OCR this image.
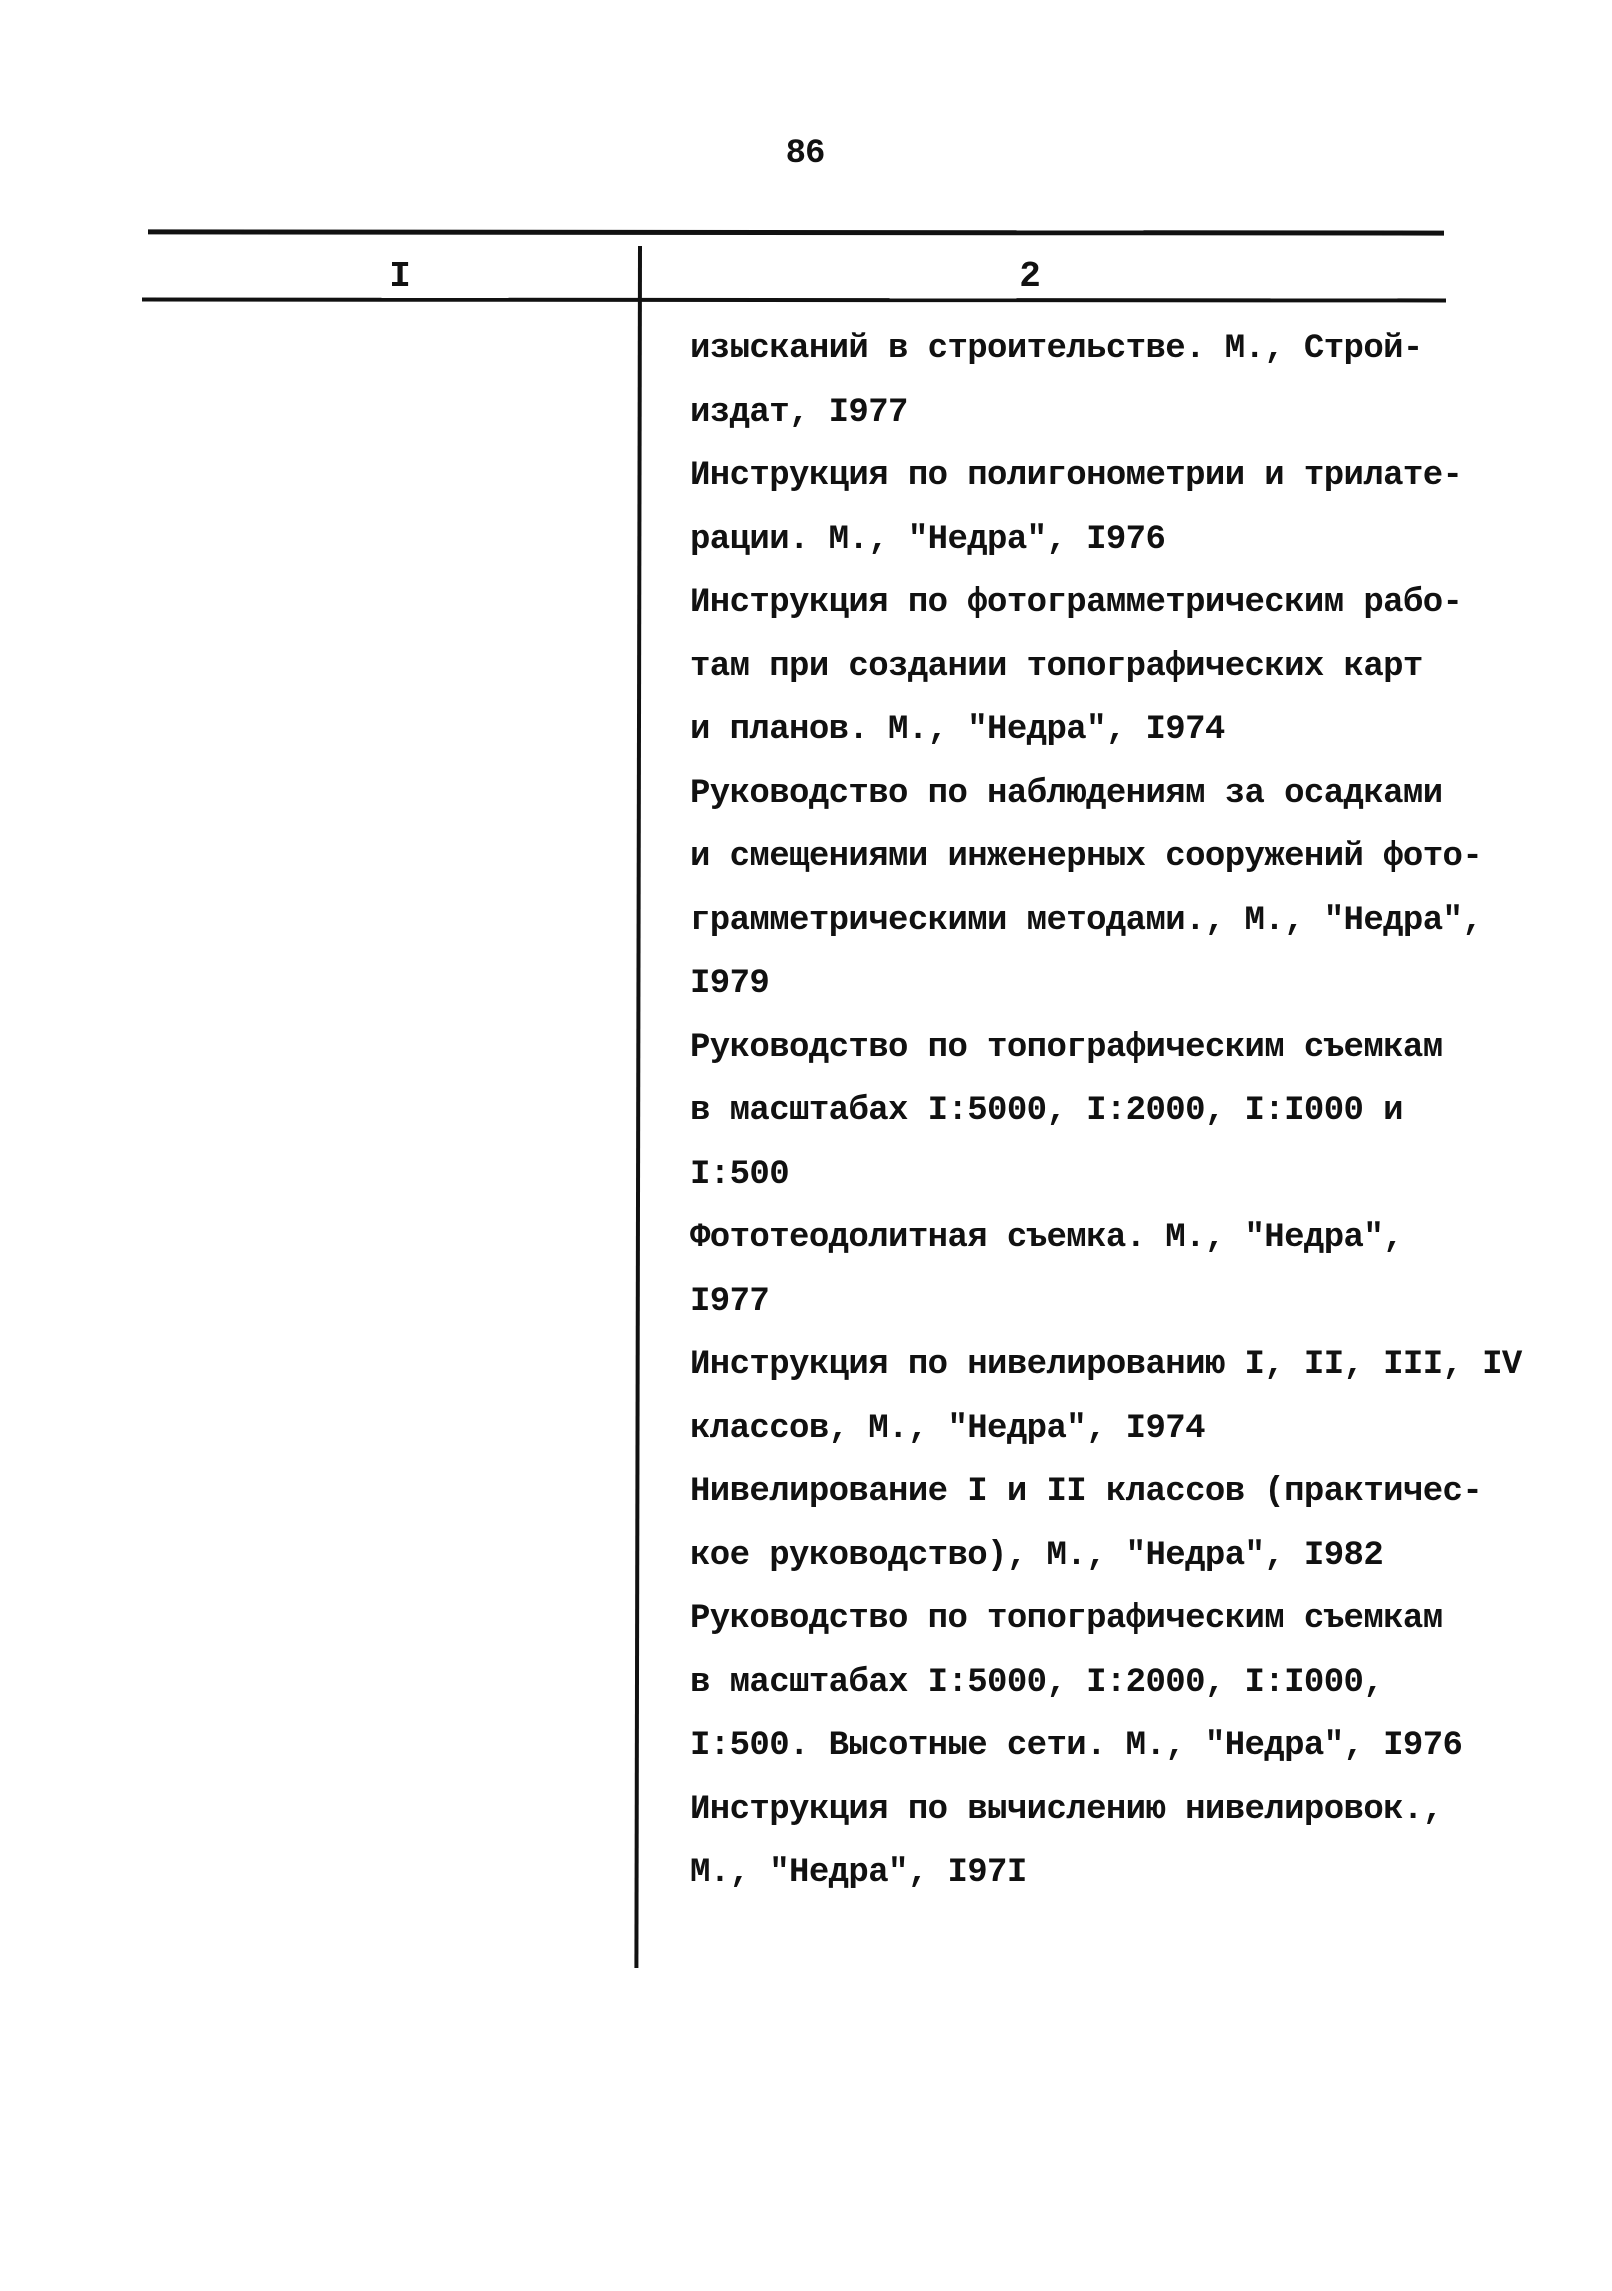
86
I	2
изысканий в строительстве. М., Строй-
издат, I977
Инструкция по полигонометрии и трилате-
рации. М., "Недра", I976
Инструкция по фотограмметрическим рабо-
там при создании топографических карт
и планов. М., "Недра", I974
Руководство по наблюдениям за осадками
и смещениями инженерных сооружений фото-
грамметрическими методами., М., "Недра",
I979
Руководство по топографическим съемкам
в масштабах I:5000, I:2000, I:I000 и
I:500
Фототеодолитная съемка. М., "Недра",
I977
Инструкция по нивелированию I, II, III, IV
классов, М., "Недра", I974
Нивелирование I и II классов (практичес-
кое руководство), М., "Недра", I982
Руководство по топографическим съемкам
в масштабах I:5000, I:2000, I:I000,
I:500. Высотные сети. М., "Недра", I976
Инструкция по вычислению нивелировок.,
М., "Недра", I97I
